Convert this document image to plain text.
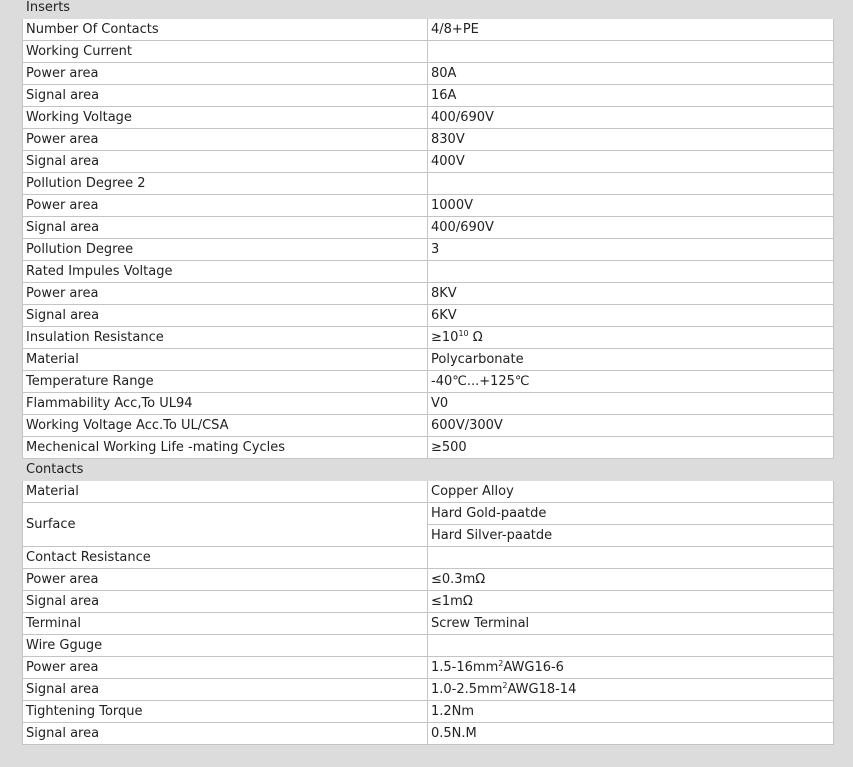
Inserts	
Number Of Contacts	4/8+PE
Working Current	
Power area	80A
Signal area	16A
Working Voltage	400/690V
Power area	830V
Signal area	400V
Pollution Degree 2	
Power area	1000V
Signal area	400/690V
Pollution Degree	3
Rated Impules Voltage	
Power area	8KV
Signal area	6KV
Insulation Resistance	$\ge 10^{10}$ Ω
Material	Polycarbonate
Temperature Range	-40℃...+125℃
Flammability Acc,To UL94	V0
Working Voltage Acc.To UL/CSA	600V/300V
Mechenical Working Life -mating Cycles	≥500
Contacts	
Material	Copper Alloy
Surface	Hard Gold-paatde
	Hard Silver-paatde
Contact Resistance	
Power area	≤0.3mΩ
Signal area	≤1mΩ
Terminal	Screw Terminal
Wire Gguge	
Power area	$1.5-16mm^2AWG16-6$
Signal area	$1.0-2.5mm^2AWG18-14$
Tightening Torque	1.2Nm
Signal area	0.5N.M
